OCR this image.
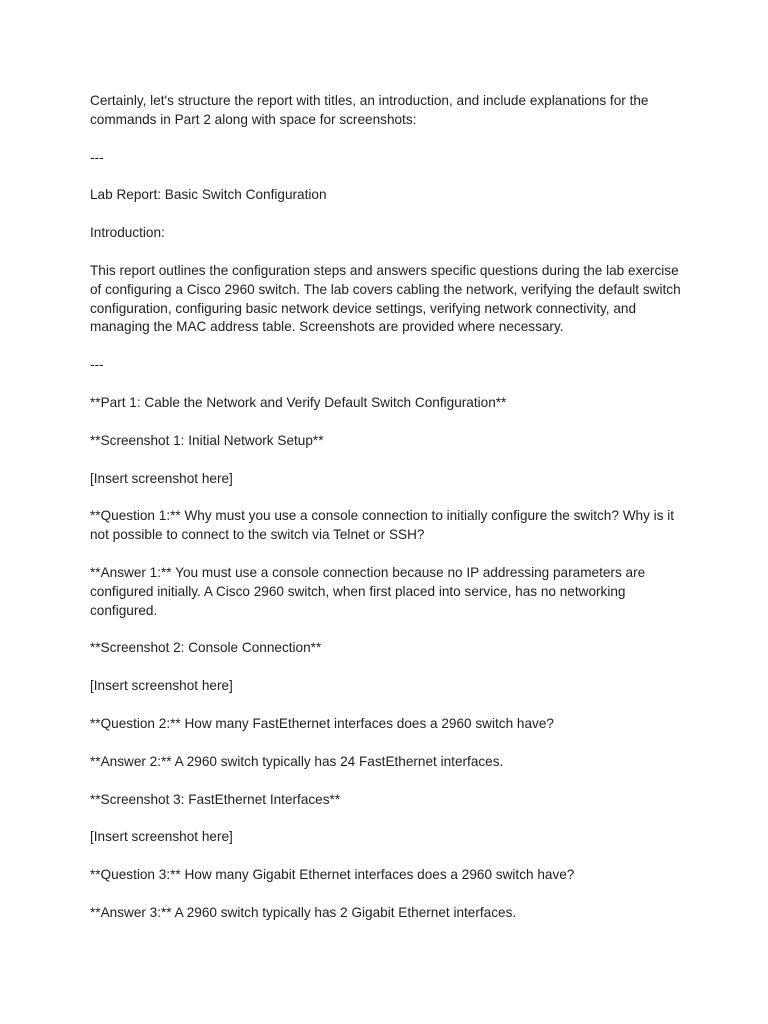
Certainly, let's structure the report with titles, an introduction, and include explanations for the commands in Part 2 along with space for screenshots:

---

Lab Report: Basic Switch Configuration

Introduction:

This report outlines the configuration steps and answers specific questions during the lab exercise of configuring a Cisco 2960 switch. The lab covers cabling the network, verifying the default switch configuration, configuring basic network device settings, verifying network connectivity, and managing the MAC address table. Screenshots are provided where necessary.

---

**Part 1: Cable the Network and Verify Default Switch Configuration**

**Screenshot 1: Initial Network Setup**

[Insert screenshot here]

**Question 1:** Why must you use a console connection to initially configure the switch? Why is it not possible to connect to the switch via Telnet or SSH?

**Answer 1:** You must use a console connection because no IP addressing parameters are configured initially. A Cisco 2960 switch, when first placed into service, has no networking configured.

**Screenshot 2: Console Connection**

[Insert screenshot here]

**Question 2:** How many FastEthernet interfaces does a 2960 switch have?

**Answer 2:** A 2960 switch typically has 24 FastEthernet interfaces.

**Screenshot 3: FastEthernet Interfaces**

[Insert screenshot here]

**Question 3:** How many Gigabit Ethernet interfaces does a 2960 switch have?

**Answer 3:** A 2960 switch typically has 2 Gigabit Ethernet interfaces.
